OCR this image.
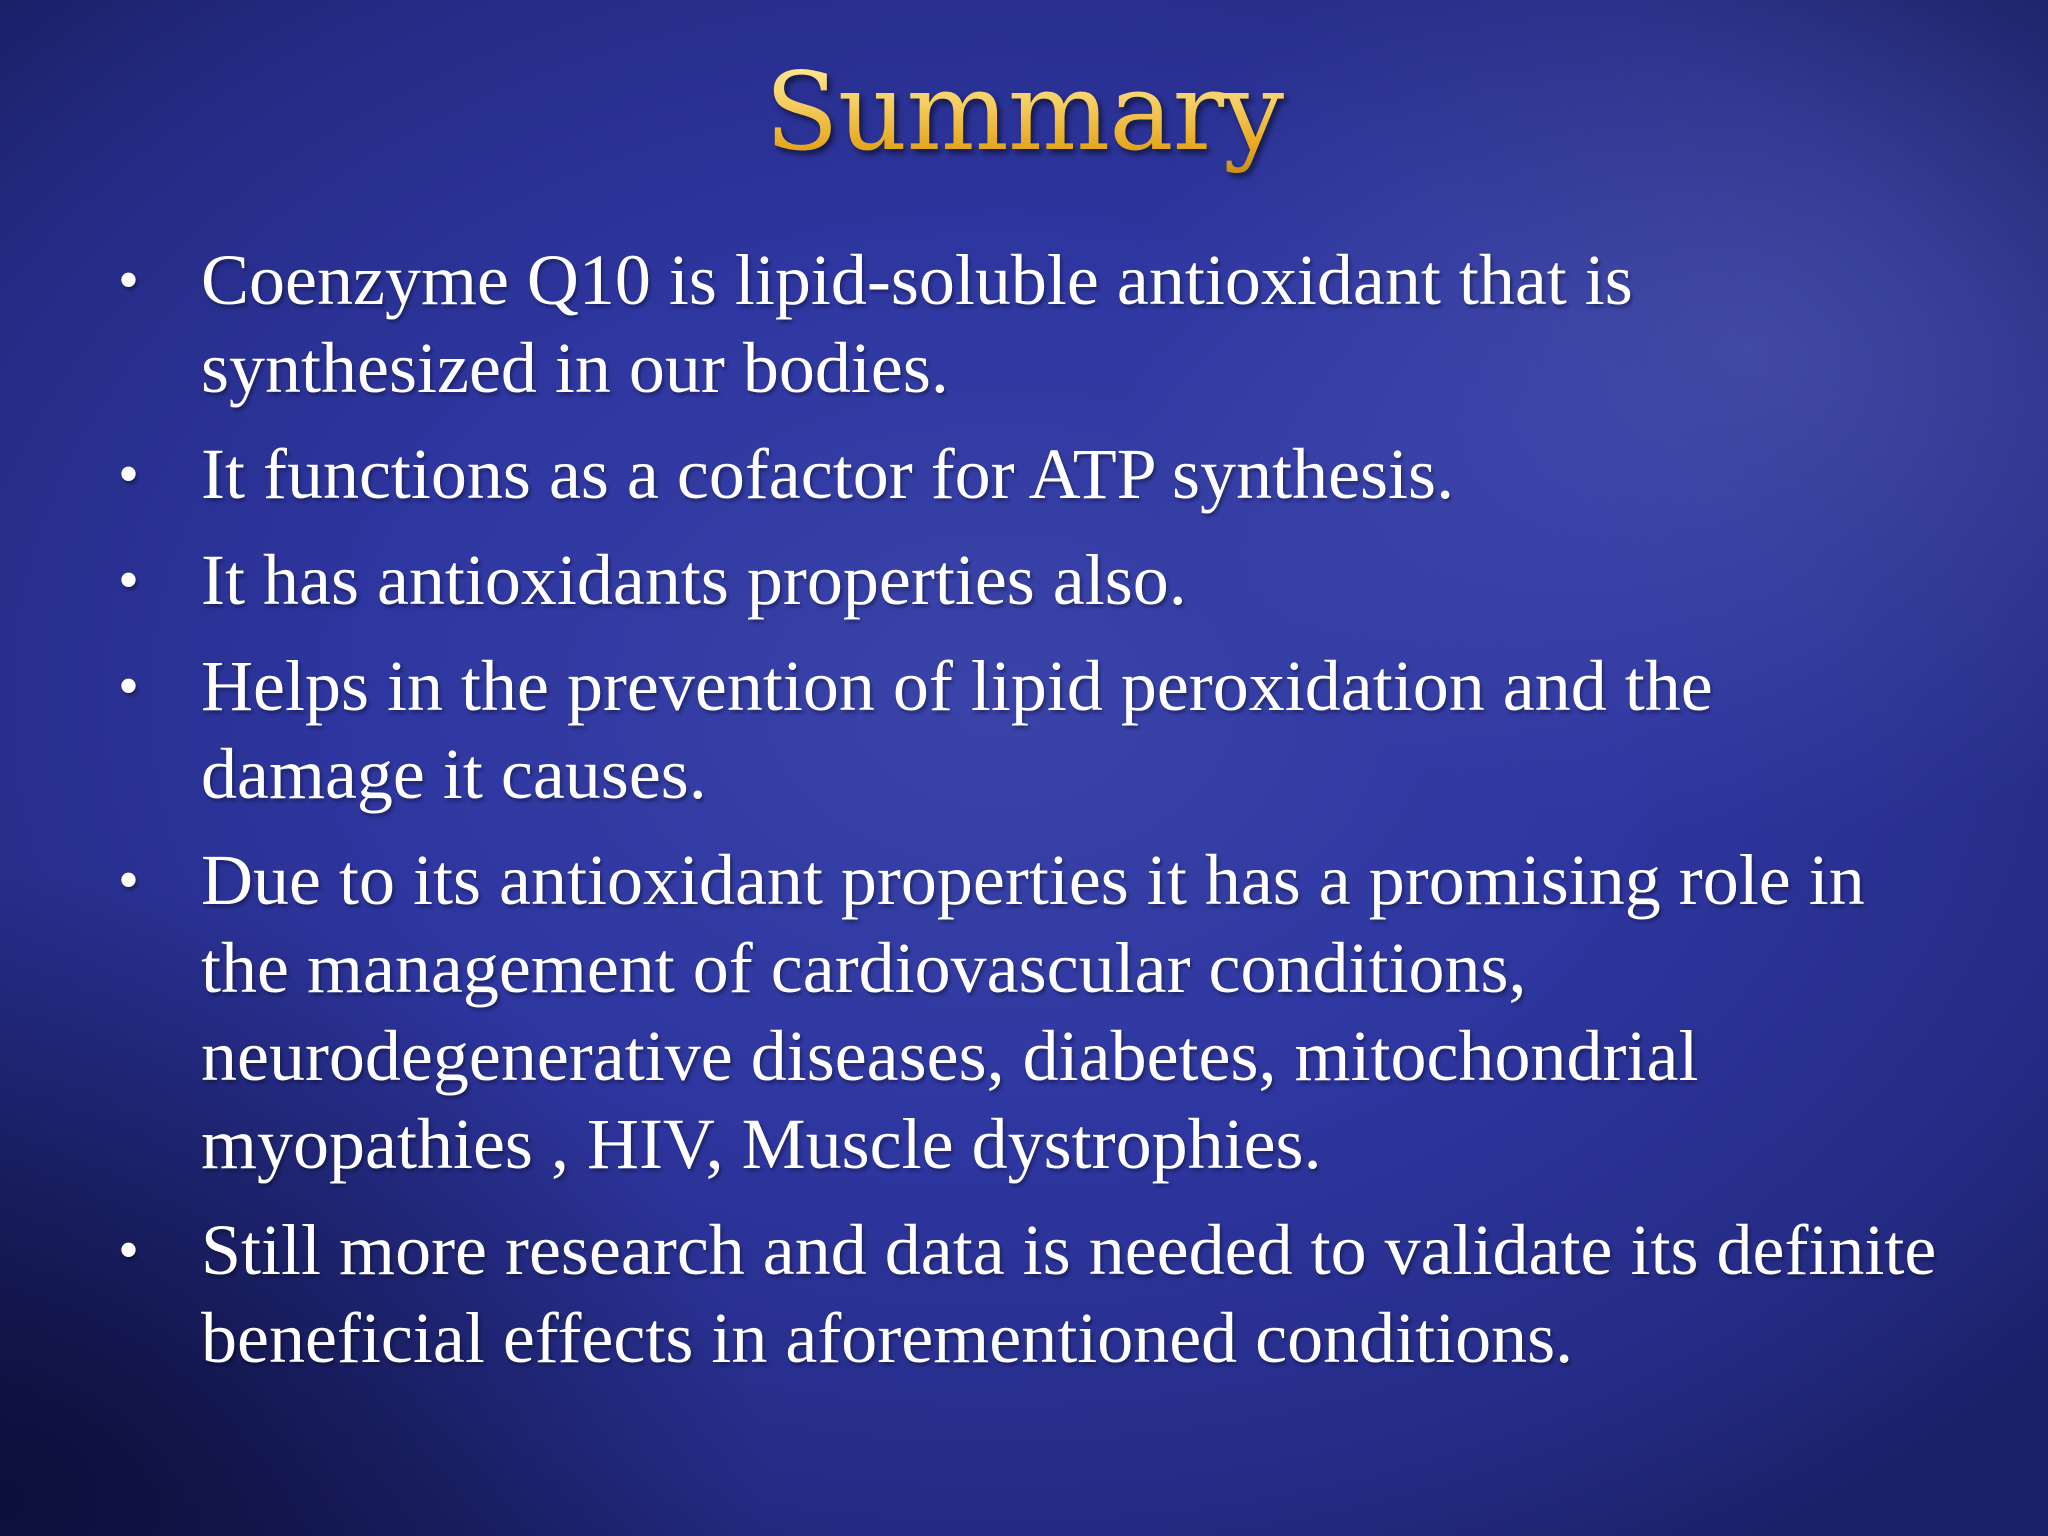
Summary
• Coenzyme Q10 is lipid-soluble antioxidant that is synthesized in our bodies.
• It functions as a cofactor for ATP synthesis.
• It has antioxidants properties also.
• Helps in the prevention of lipid peroxidation and the damage it causes.
• Due to its antioxidant properties it has a promising role in the management of cardiovascular conditions, neurodegenerative diseases, diabetes, mitochondrial myopathies , HIV, Muscle dystrophies.
• Still more research and data is needed to validate its definite beneficial effects in aforementioned conditions.
